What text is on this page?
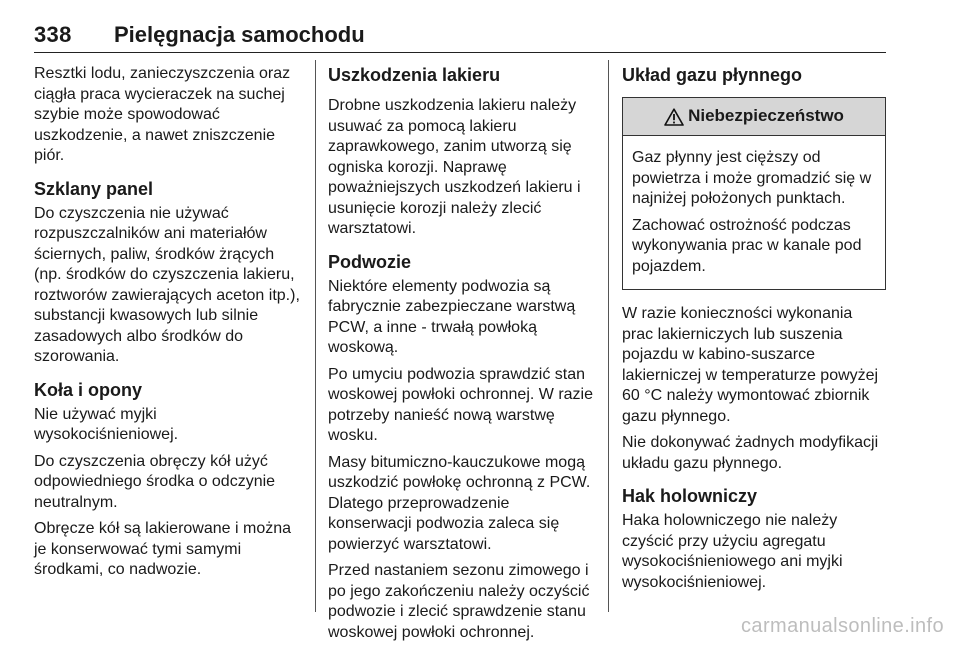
338 Pielęgnacja samochodu

Resztki lodu, zanieczyszczenia oraz ciągła praca wycieraczek na suchej szybie może spowodować uszkodzenie, a nawet zniszczenie piór.

Szklany panel

Do czyszczenia nie używać rozpuszczalników ani materiałów ściernych, paliw, środków żrących (np. środków do czyszczenia lakieru, roztworów zawierających aceton itp.), substancji kwasowych lub silnie zasadowych albo środków do szorowania.

Koła i opony

Nie używać myjki wysokociśnieniowej.

Do czyszczenia obręczy kół użyć odpowiedniego środka o odczynie neutralnym.

Obręcze kół są lakierowane i można je konserwować tymi samymi środkami, co nadwozie.

Uszkodzenia lakieru

Drobne uszkodzenia lakieru należy usuwać za pomocą lakieru zaprawkowego, zanim utworzą się ogniska korozji. Naprawę poważniejszych uszkodzeń lakieru i usunięcie korozji należy zlecić warsztatowi.

Podwozie

Niektóre elementy podwozia są fabrycznie zabezpieczane warstwą PCW, a inne - trwałą powłoką woskową.

Po umyciu podwozia sprawdzić stan woskowej powłoki ochronnej. W razie potrzeby nanieść nową warstwę wosku.

Masy bitumiczno-kauczukowe mogą uszkodzić powłokę ochronną z PCW. Dlatego przeprowadzenie konserwacji podwozia zaleca się powierzyć warsztatowi.

Przed nastaniem sezonu zimowego i po jego zakończeniu należy oczyścić podwozie i zlecić sprawdzenie stanu woskowej powłoki ochronnej.

Układ gazu płynnego
Niebezpieczeństwo

Gaz płynny jest cięższy od powietrza i może gromadzić się w najniżej położonych punktach.

Zachować ostrożność podczas wykonywania prac w kanale pod pojazdem.

W razie konieczności wykonania prac lakierniczych lub suszenia pojazdu w kabino-suszarce lakierniczej w temperaturze powyżej 60 °C należy wymontować zbiornik gazu płynnego.

Nie dokonywać żadnych modyfikacji układu gazu płynnego.

Hak holowniczy

Haka holowniczego nie należy czyścić przy użyciu agregatu wysokociśnieniowego ani myjki wysokociśnieniowej.

carmanualsonline.info
